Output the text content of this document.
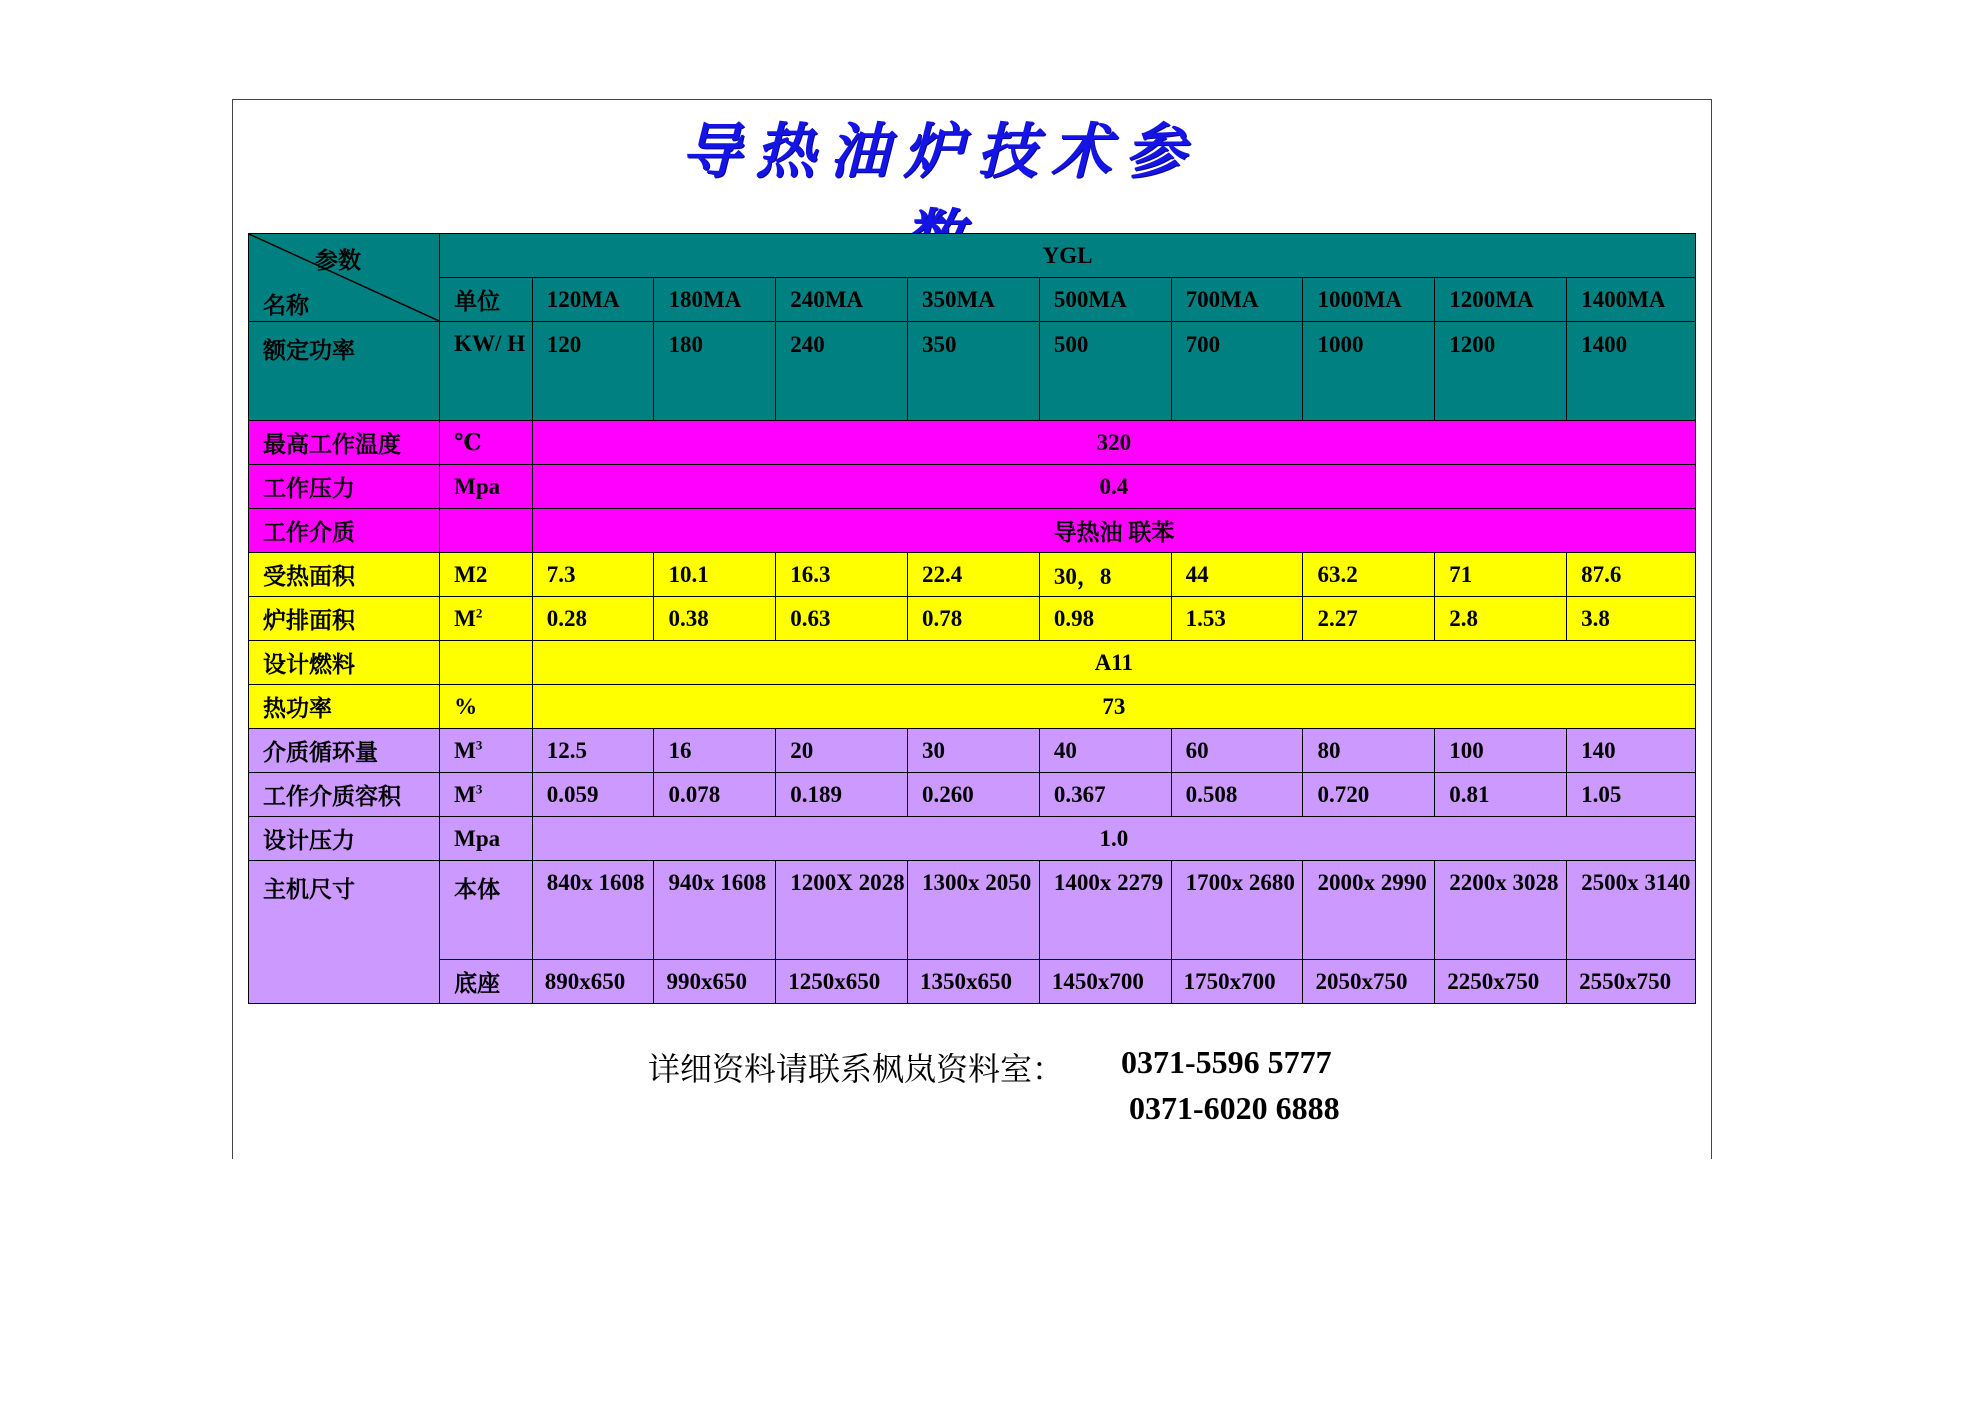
导热油炉技术参
参数
名称	YGL									
	单位	120MA	180MA	240MA	350MA	500MA	700MA	1000MA	1200MA	1400MA
额定功率	KW/ H	120	180	240	350	500	700	1000	1200	1400
最高工作温度	℃	320								
工作压力	Mpa	0.4								
工作介质		导热油 联苯								
受热面积	M2	7.3	10.1	16.3	22.4	30，8	44	63.2	71	87.6
炉排面积	$M^2$	0.28	0.38	0.63	0.78	0.98	1.53	2.27	2.8	3.8
设计燃料		A11								
热功率	%	73								
介质循环量	$M^3$	12.5	16	20	30	40	60	80	100	140
工作介质容积	$M^3$	0.059	0.078	0.189	0.260	0.367	0.508	0.720	0.81	1.05
设计压力	Mpa	1.0								
主机尺寸	本体	840x 1608	940x 1608	1200X 2028	1300x 2050	1400x 2279	1700x 2680	2000x 2990	2200x 3028	2500x 3140
	底座	890x650	990x650	1250x650	1350x650	1450x700	1750x700	2050x750	2250x750	2550x750
详细资料请联系枫岚资料室： 0371-5596 5777
0371-6020 6888
